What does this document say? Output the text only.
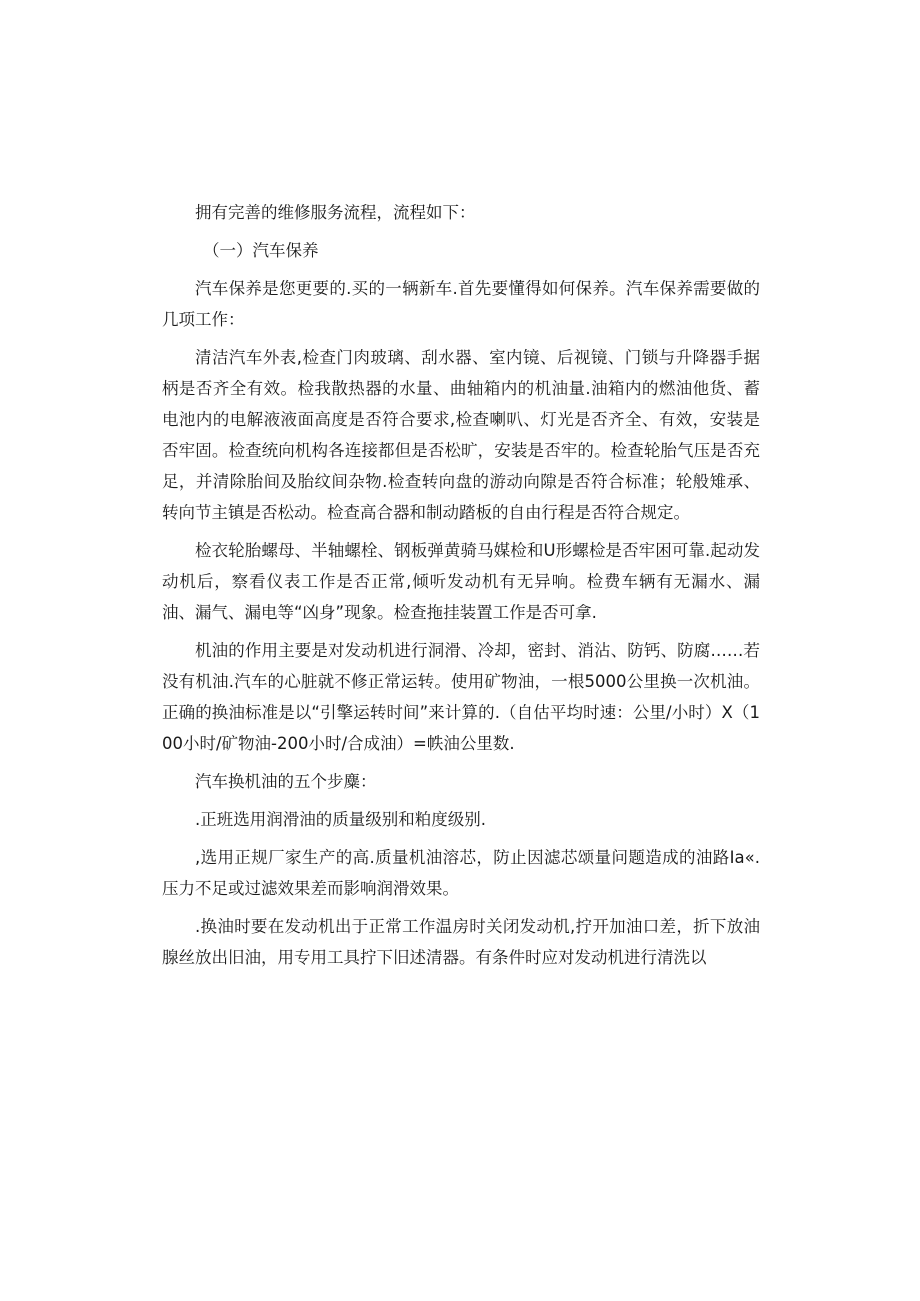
拥有完善的维修服务流程，流程如下：

（一）汽车保养

汽车保养是您更要的.买的一辆新车.首先要懂得如何保养。汽车保养需要做的几项工作：

清洁汽车外表,检查门肉玻璃、刮水器、室内镜、后视镜、门锁与升降器手据柄是否齐全有效。检我散热器的水量、曲轴箱内的机油量.油箱内的燃油他货、蓄电池内的电解液液面高度是否符合要求,检查喇叭、灯光是否齐全、有效，安装是否牢固。检查统向机构各连接都但是否松旷，安装是否牢的。检查轮胎气压是否充足，并清除胎间及胎纹间杂物.检查转向盘的游动向隙是否符合标准；轮般雉承、转向节主镇是否松动。检查高合器和制动踏板的自由行程是否符合规定。

检衣轮胎螺母、半轴螺栓、钢板弹黄骑马媒检和U形螺检是否牢困可靠.起动发动机后，察看仪表工作是否正常,倾听发动机有无异响。检费车辆有无漏水、漏油、漏气、漏电等“凶身”现象。检查拖挂装置工作是否可拿.

机油的作用主要是对发动机进行洞滑、冷却，密封、消沾、防钙、防腐……若没有机油.汽车的心脏就不修正常运转。使用矿物油，一根5000公里换一次机油。正确的换油标准是以“引擎运转时间”来计算的.（自估平均时速：公里/小时）X（100小时/矿物油-200小时/合成油）=帙油公里数.

汽车换机油的五个步麋：

.正班选用润滑油的质量级别和粕度级别.

,选用正规厂家生产的高.质量机油溶芯，防止因滤芯颂量问题造成的油路Ia«.压力不足或过滤效果差而影响润滑效果。

.换油时要在发动机出于正常工作温房时关闭发动机,拧开加油口差，折下放油腺丝放出旧油，用专用工具拧下旧述清器。有条件时应对发动机进行清洗以
